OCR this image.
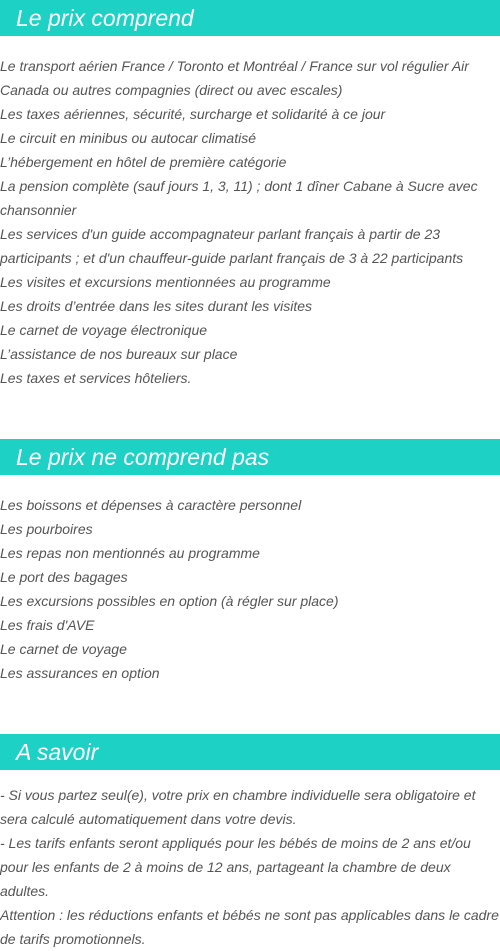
Le prix comprend
Le transport aérien France / Toronto et Montréal / France sur vol régulier Air Canada ou autres compagnies (direct ou avec escales)
Les taxes aériennes, sécurité, surcharge et solidarité à ce jour
Le circuit en minibus ou autocar climatisé
L’hébergement en hôtel de première catégorie
La pension complète (sauf jours 1, 3, 11) ; dont 1 dîner Cabane à Sucre avec chansonnier
Les services d'un guide accompagnateur parlant français à partir de 23 participants ; et d'un chauffeur-guide parlant français de 3 à 22 participants
Les visites et excursions mentionnées au programme
Les droits d’entrée dans les sites durant les visites
Le carnet de voyage électronique
L’assistance de nos bureaux sur place
Les taxes et services hôteliers.
Le prix ne comprend pas
Les boissons et dépenses à caractère personnel
Les pourboires
Les repas non mentionnés au programme
Le port des bagages
Les excursions possibles en option (à régler sur place)
Les frais d'AVE
Le carnet de voyage
Les assurances en option
A savoir

- Si vous partez seul(e), votre prix en chambre individuelle sera obligatoire et sera calculé automatiquement dans votre devis.

- Les tarifs enfants seront appliqués pour les bébés de moins de 2 ans et/ou pour les enfants de 2 à moins de 12 ans, partageant la chambre de deux adultes.

Attention : les réductions enfants et bébés ne sont pas applicables dans le cadre de tarifs promotionnels.
